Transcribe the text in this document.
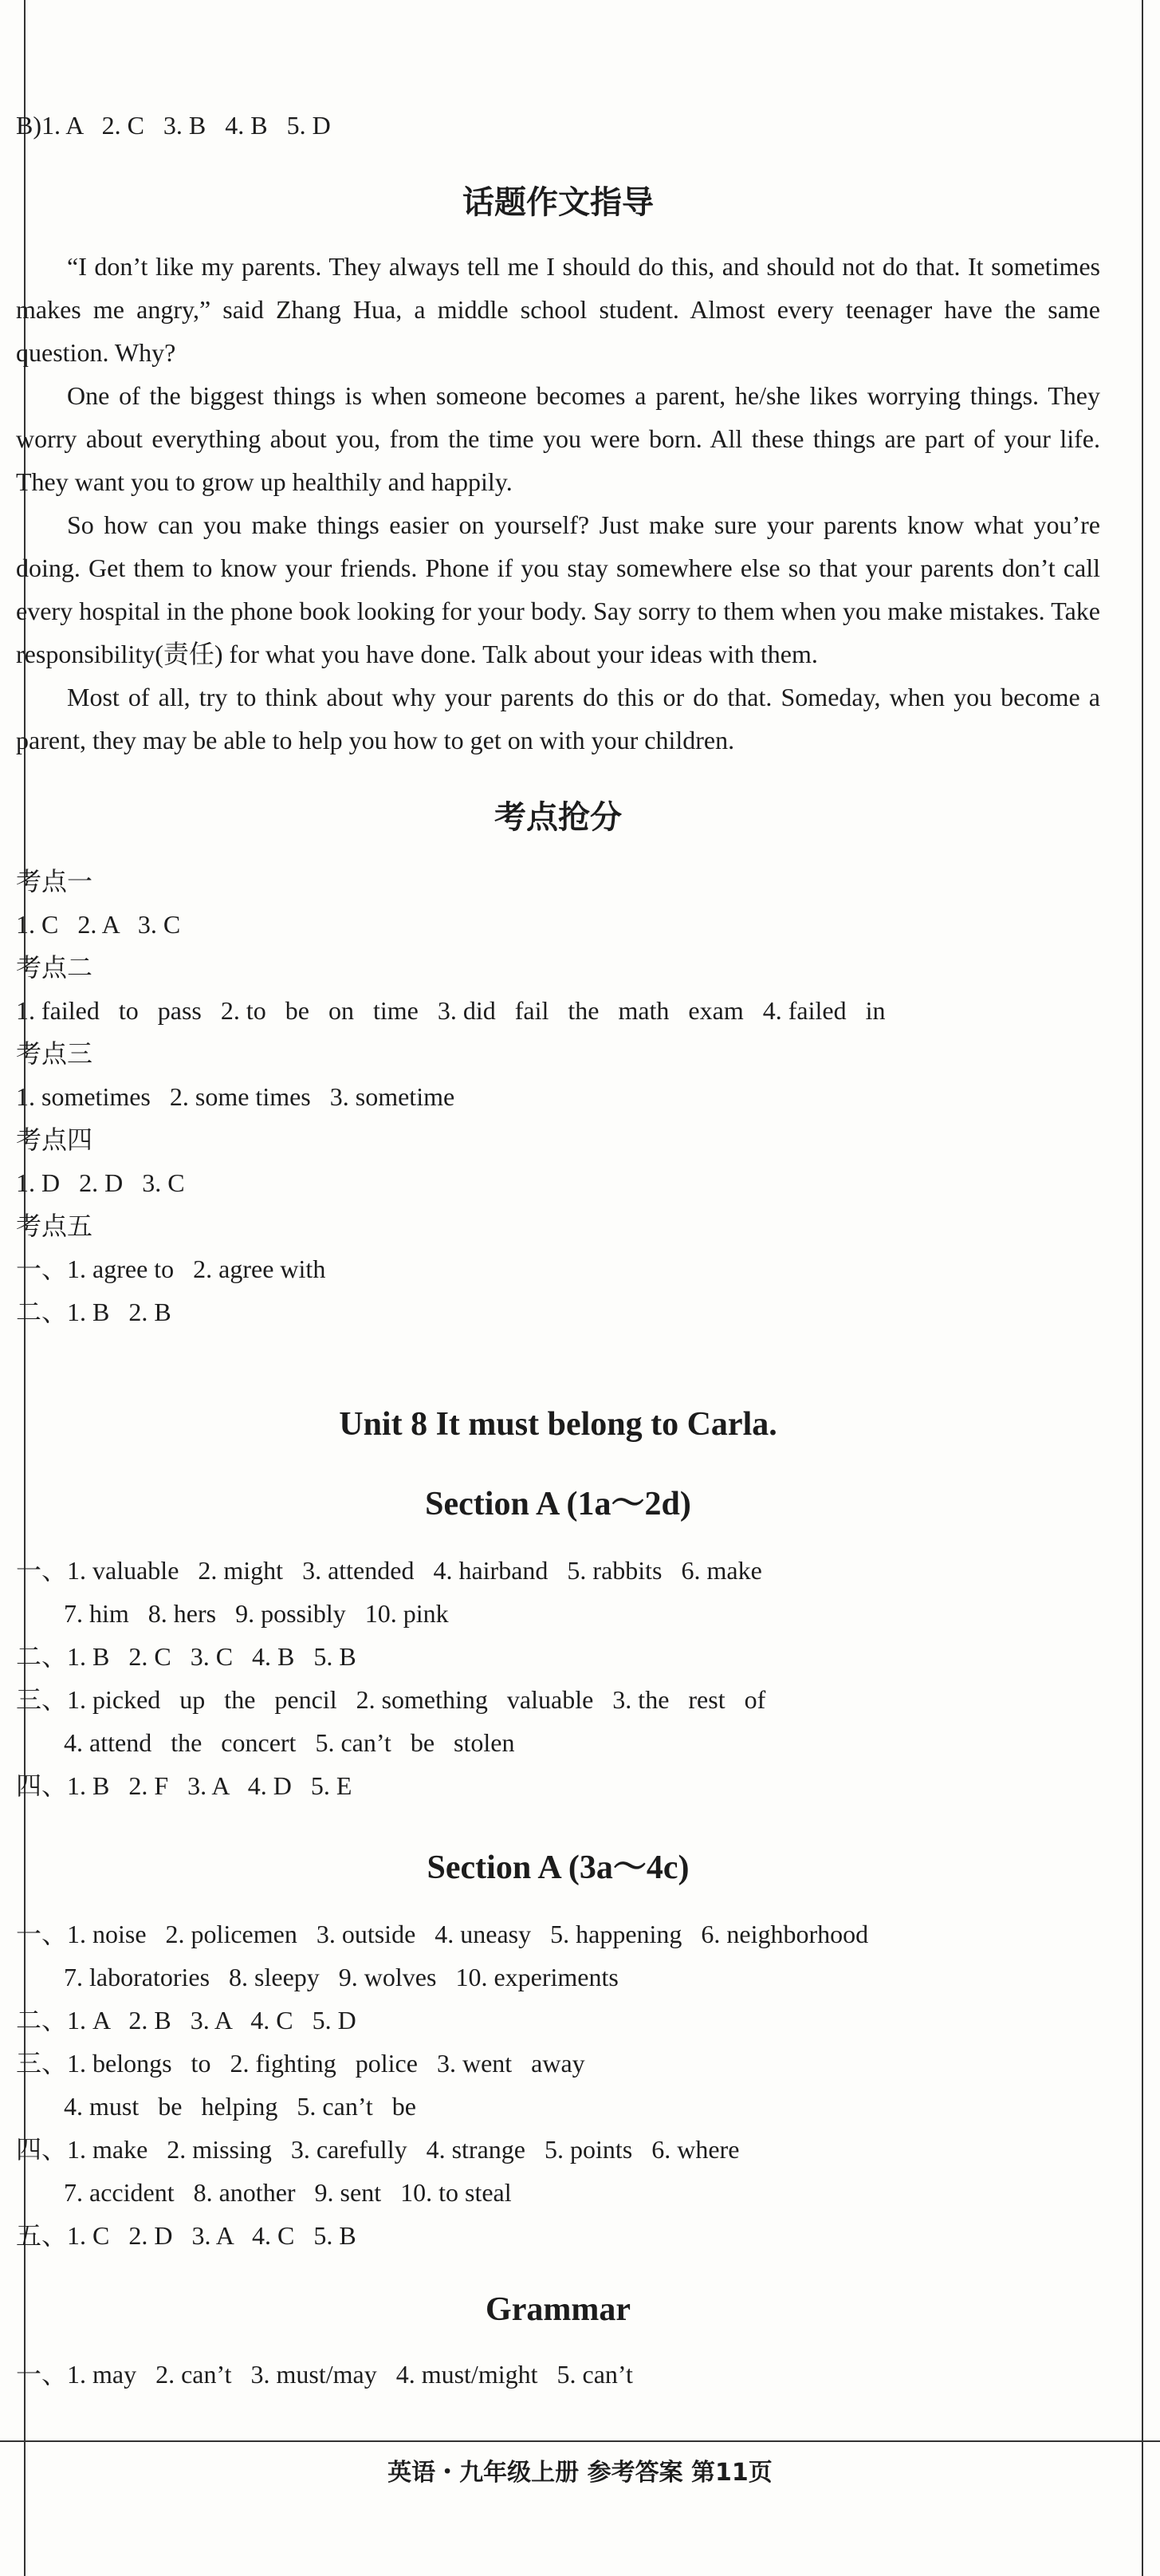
B)1. A   2. C   3. B   4. B   5. D
话题作文指导

“I don’t like my parents. They always tell me I should do this, and should not do that. It sometimes makes me angry,” said Zhang Hua, a middle school student. Almost every teenager have the same question. Why?

One of the biggest things is when someone becomes a parent, he/she likes worrying things. They worry about everything about you, from the time you were born. All these things are part of your life. They want you to grow up healthily and happily.

So how can you make things easier on yourself? Just make sure your parents know what you’re doing. Get them to know your friends. Phone if you stay somewhere else so that your parents don’t call every hospital in the phone book looking for your body. Say sorry to them when you make mistakes. Take responsibility(责任) for what you have done. Talk about your ideas with them.

Most of all, try to think about why your parents do this or do that. Someday, when you become a parent, they may be able to help you how to get on with your children.

考点抢分
考点一
1. C   2. A   3. C
考点二
1. failed   to   pass   2. to   be   on   time   3. did   fail   the   math   exam   4. failed   in
考点三
1. sometimes   2. some times   3. sometime
考点四
1. D   2. D   3. C
考点五
一、1. agree to   2. agree with
二、1. B   2. B
Unit 8 It must belong to Carla.
Section A (1a～2d)
一、1. valuable   2. might   3. attended   4. hairband   5. rabbits   6. make
7. him   8. hers   9. possibly   10. pink
二、1. B   2. C   3. C   4. B   5. B
三、1. picked   up   the   pencil   2. something   valuable   3. the   rest   of
4. attend   the   concert   5. can’t   be   stolen
四、1. B   2. F   3. A   4. D   5. E
Section A (3a～4c)
一、1. noise   2. policemen   3. outside   4. uneasy   5. happening   6. neighborhood
7. laboratories   8. sleepy   9. wolves   10. experiments
二、1. A   2. B   3. A   4. C   5. D
三、1. belongs   to   2. fighting   police   3. went   away
4. must   be   helping   5. can’t   be
四、1. make   2. missing   3. carefully   4. strange   5. points   6. where
7. accident   8. another   9. sent   10. to steal
五、1. C   2. D   3. A   4. C   5. B
Grammar
一、1. may   2. can’t   3. must/may   4. must/might   5. can’t
英语・九年级上册 参考答案 第11页
